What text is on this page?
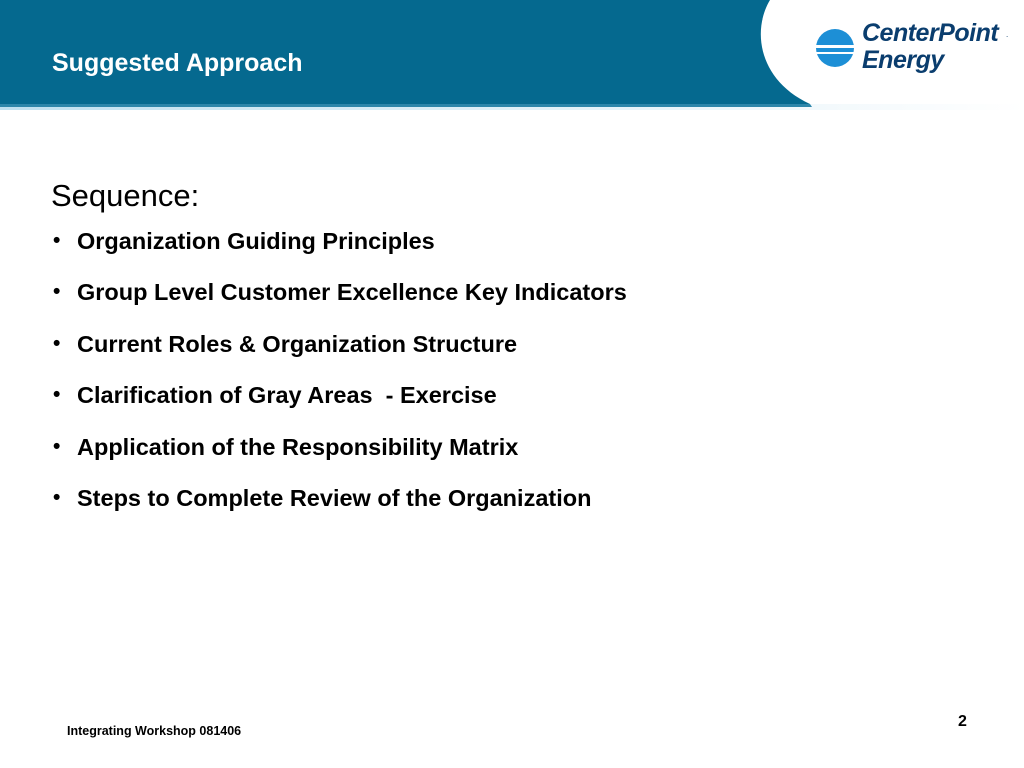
Suggested Approach
CenterPoint
Energy
.
Sequence:
• Organization Guiding Principles
• Group Level Customer Excellence Key Indicators
• Current Roles & Organization Structure
• Clarification of Gray Areas  - Exercise
• Application of the Responsibility Matrix
• Steps to Complete Review of the Organization
Integrating Workshop 081406
2
